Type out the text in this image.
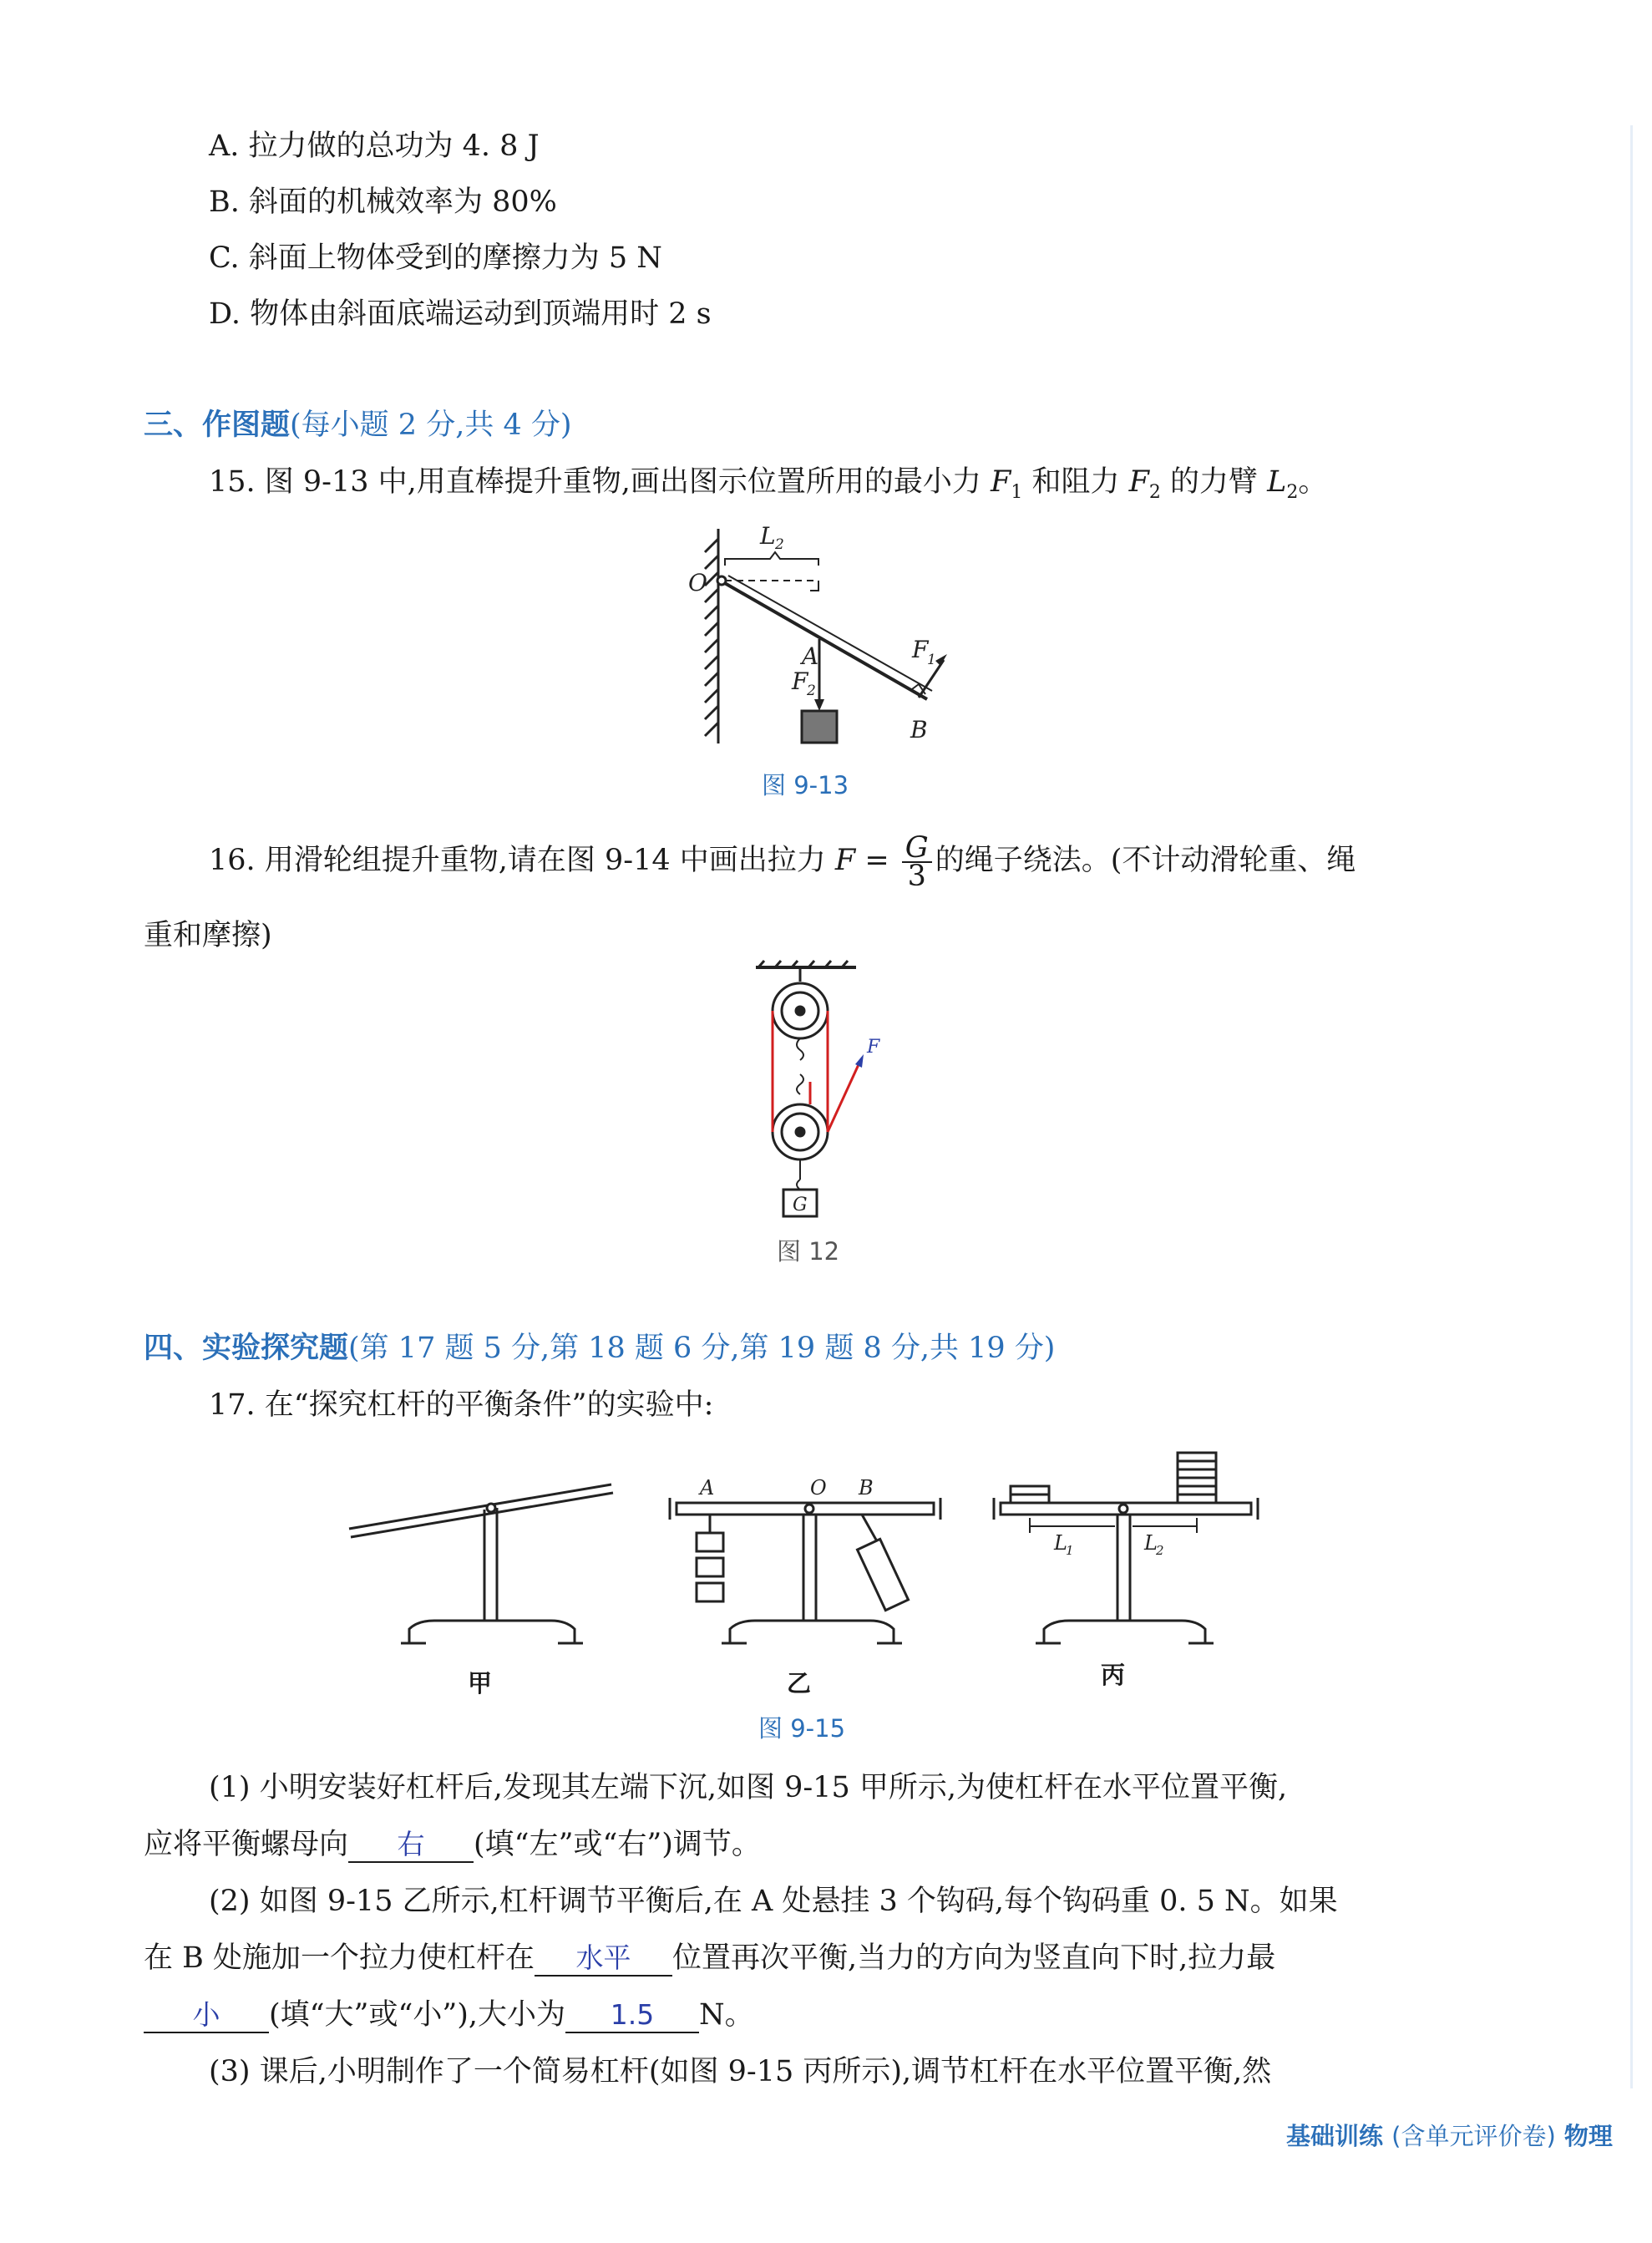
A. 拉力做的总功为 4. 8 J
B. 斜面的机械效率为 80%
C. 斜面上物体受到的摩擦力为 5 N
D. 物体由斜面底端运动到顶端用时 2 s
三、作图题(每小题 2 分,共 4 分)
15. 图 9-13 中,用直棒提升重物,画出图示位置所用的最小力 $F_1$ 和阻力 $F_2$ 的力臂 $L_2$。
O
L 2
A
F
2
B
F
1
图 9-13
16. 用滑轮组提升重物,请在图 9-14 中画出拉力 $F = \frac{G}{3}$ 的绳子绕法。(不计动滑轮重、绳
重和摩擦)
F
G
图 12
四、实验探究题(第 17 题 5 分,第 18 题 6 分,第 19 题 8 分,共 19 分)
17. 在“探究杠杆的平衡条件”的实验中:
A	O B
L
1	L
2
甲	乙	丙
图 9-15
(1) 小明安装好杠杆后,发现其左端下沉,如图 9-15 甲所示,为使杠杆在水平位置平衡,
应将平衡螺母向 右 (填“左”或“右”)调节。
(2) 如图 9-15 乙所示,杠杆调节平衡后,在 A 处悬挂 3 个钩码,每个钩码重 0. 5 N。如果
在 B 处施加一个拉力使杠杆在 水平 位置再次平衡,当力的方向为竖直向下时,拉力最
小 (填“大”或“小”),大小为 1.5 N。
(3) 课后,小明制作了一个简易杠杆(如图 9-15 丙所示),调节杠杆在水平位置平衡,然
基础训练 (含单元评价卷) 物理
